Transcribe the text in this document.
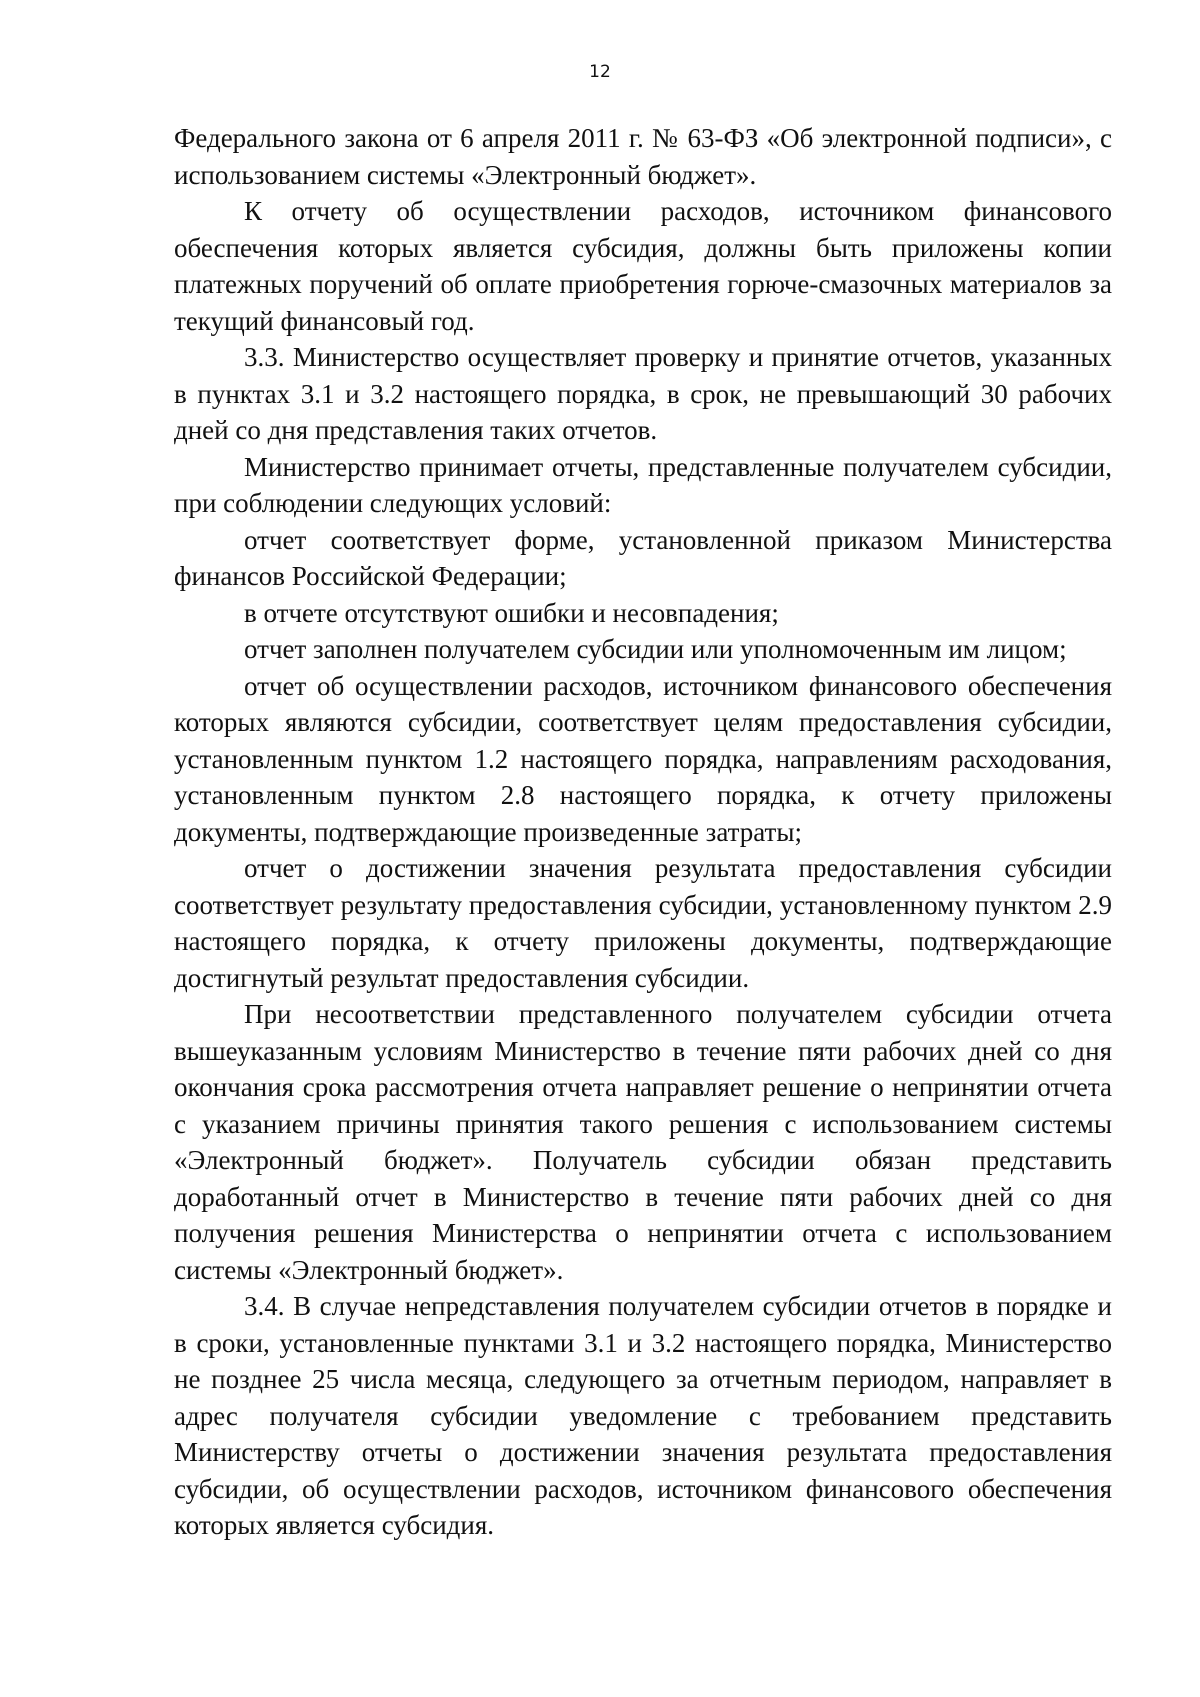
12

Федерального закона от 6 апреля 2011 г. № 63-ФЗ «Об электронной подписи», с использованием системы «Электронный бюджет».

К отчету об осуществлении расходов, источником финансового обеспечения которых является субсидия, должны быть приложены копии платежных поручений об оплате приобретения горюче-смазочных материалов за текущий финансовый год.

3.3. Министерство осуществляет проверку и принятие отчетов, указанных в пунктах 3.1 и 3.2 настоящего порядка, в срок, не превышающий 30 рабочих дней со дня представления таких отчетов.

Министерство принимает отчеты, представленные получателем субсидии, при соблюдении следующих условий:

отчет соответствует форме, установленной приказом Министерства финансов Российской Федерации;

в отчете отсутствуют ошибки и несовпадения;

отчет заполнен получателем субсидии или уполномоченным им лицом;

отчет об осуществлении расходов, источником финансового обеспечения которых являются субсидии, соответствует целям предоставления субсидии, установленным пунктом 1.2 настоящего порядка, направлениям расходования, установленным пунктом 2.8 настоящего порядка, к отчету приложены документы, подтверждающие произведенные затраты;

отчет о достижении значения результата предоставления субсидии соответствует результату предоставления субсидии, установленному пунктом 2.9 настоящего порядка, к отчету приложены документы, подтверждающие достигнутый результат предоставления субсидии.

При несоответствии представленного получателем субсидии отчета вышеуказанным условиям Министерство в течение пяти рабочих дней со дня окончания срока рассмотрения отчета направляет решение о непринятии отчета с указанием причины принятия такого решения с использованием системы «Электронный бюджет». Получатель субсидии обязан представить доработанный отчет в Министерство в течение пяти рабочих дней со дня получения решения Министерства о непринятии отчета с использованием системы «Электронный бюджет».

3.4. В случае непредставления получателем субсидии отчетов в порядке и в сроки, установленные пунктами 3.1 и 3.2 настоящего порядка, Министерство не позднее 25 числа месяца, следующего за отчетным периодом, направляет в адрес получателя субсидии уведомление с требованием представить Министерству отчеты о достижении значения результата предоставления субсидии, об осуществлении расходов, источником финансового обеспечения которых является субсидия.
